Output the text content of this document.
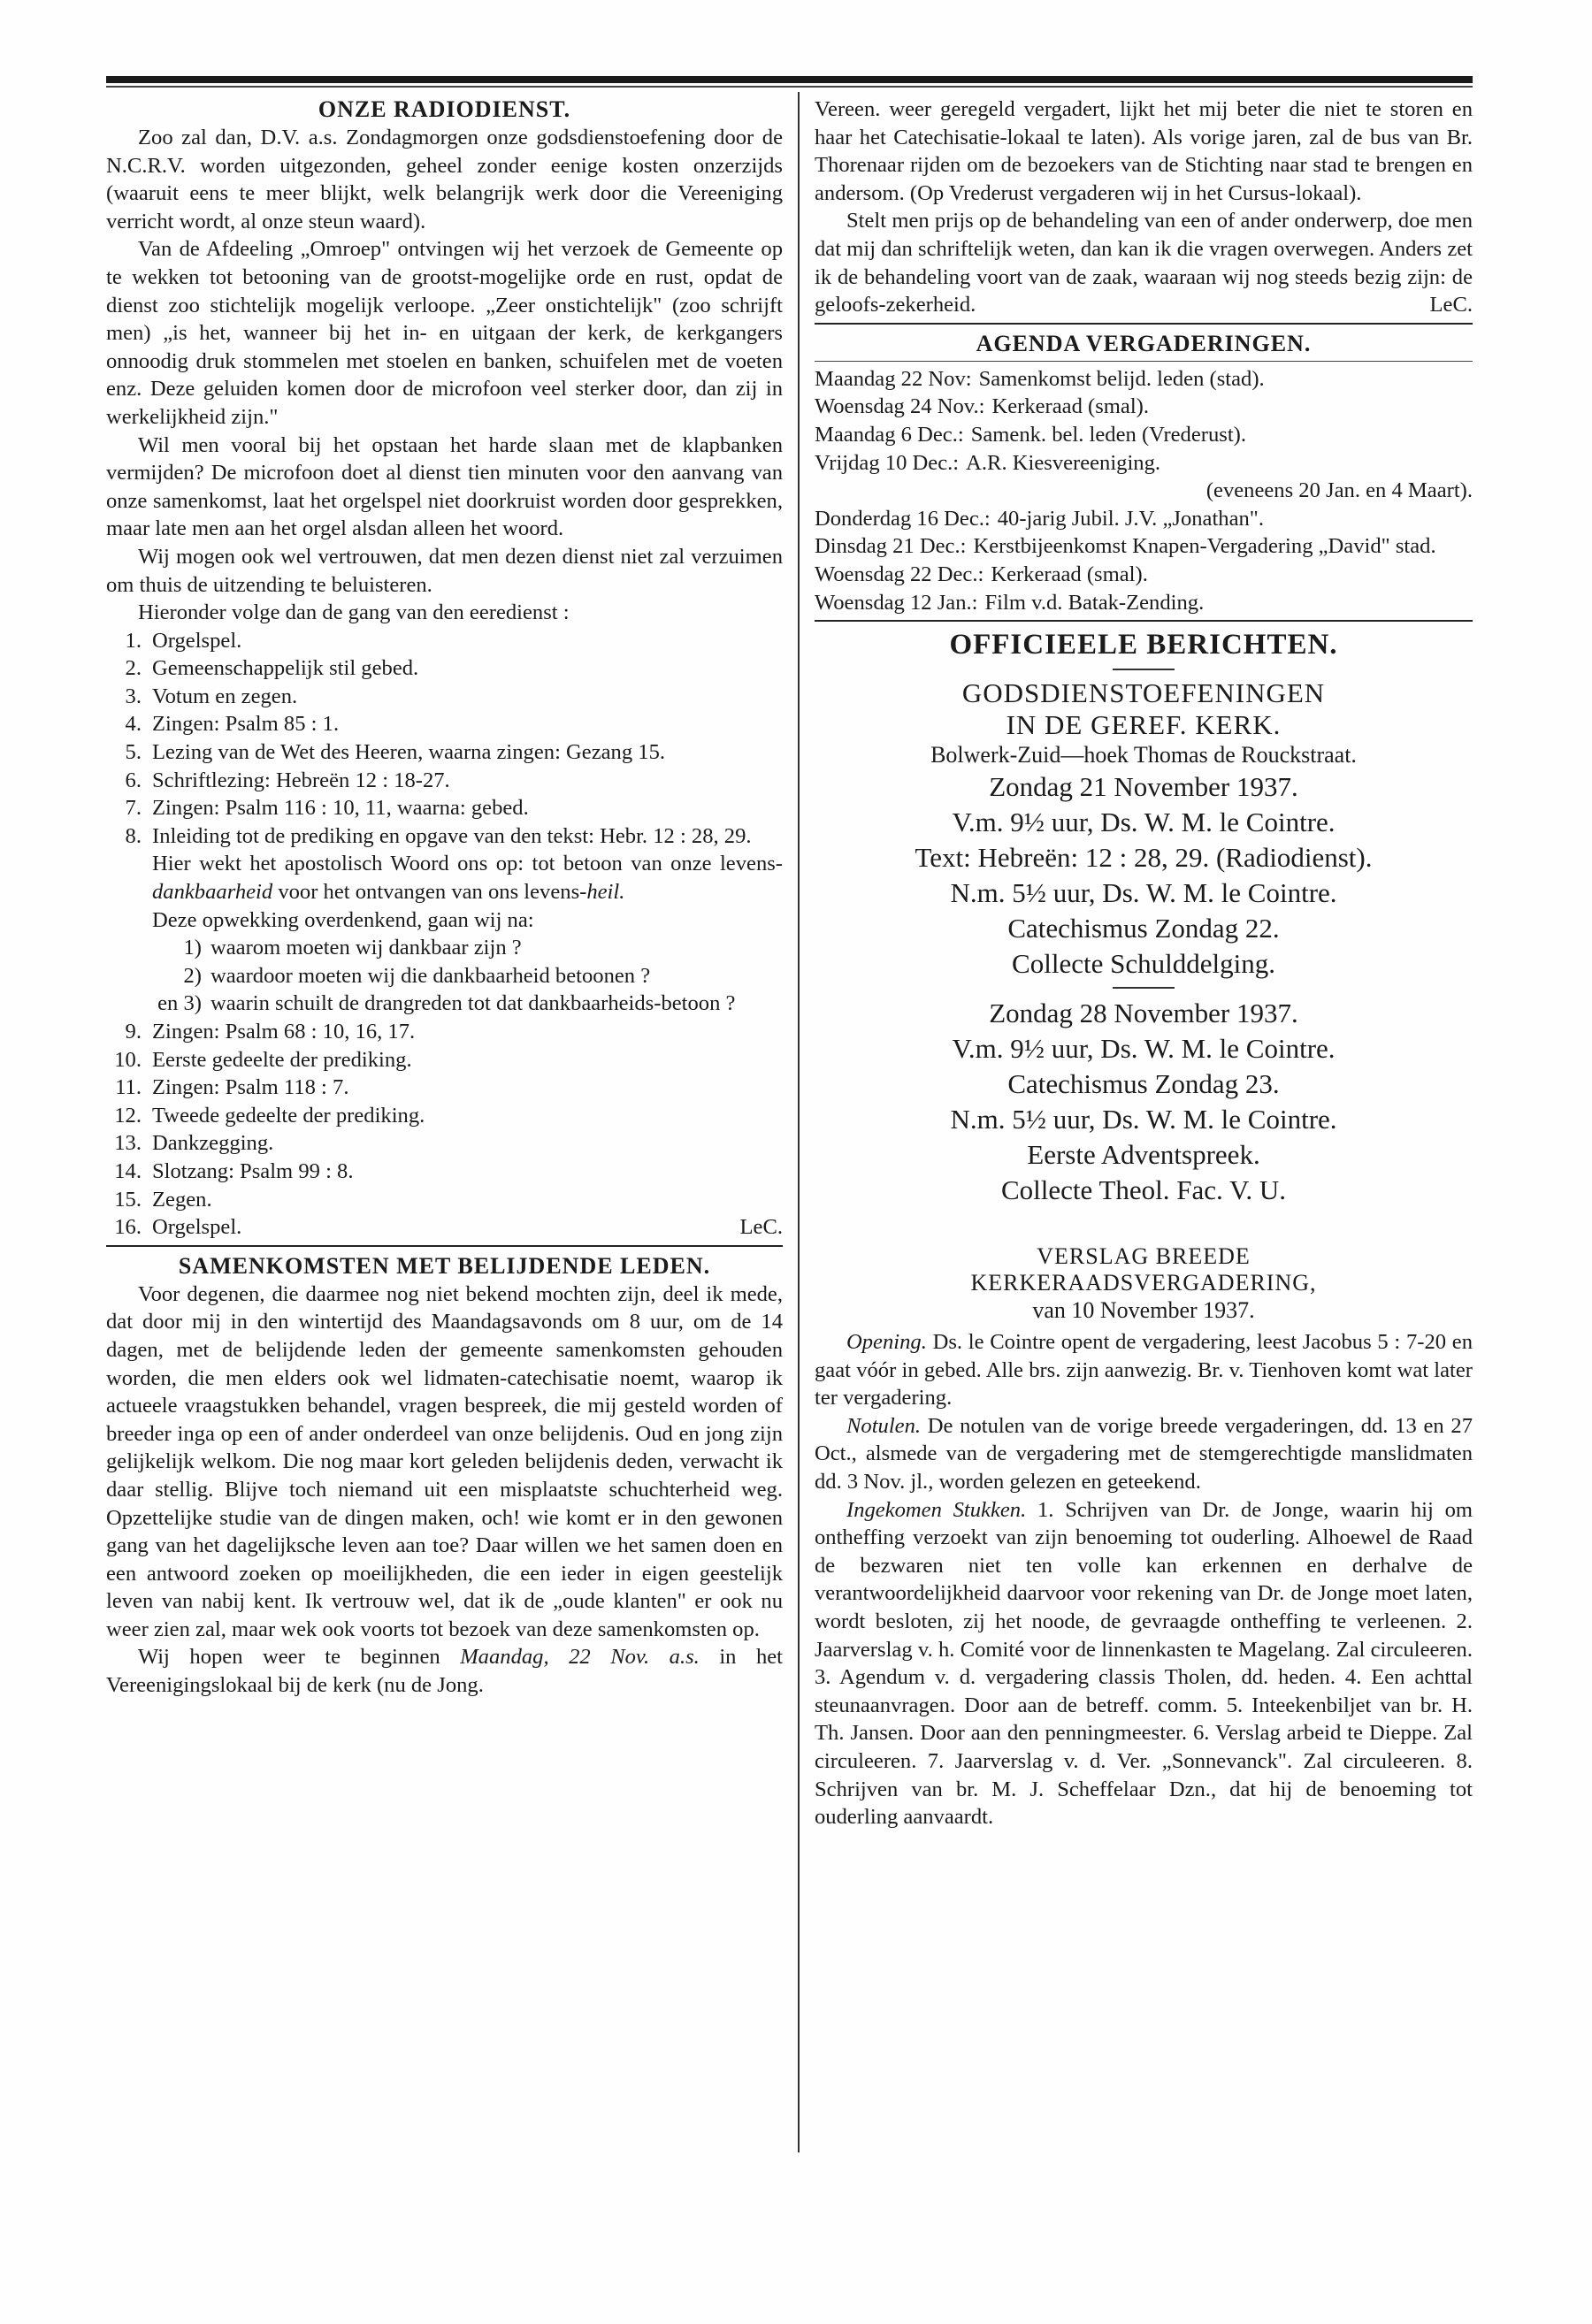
ONZE RADIODIENST.

Zoo zal dan, D.V. a.s. Zondagmorgen onze godsdienstoefening door de N.C.R.V. worden uitgezonden, geheel zonder eenige kosten onzerzijds (waaruit eens te meer blijkt, welk belangrijk werk door die Vereeniging verricht wordt, al onze steun waard).

Van de Afdeeling „Omroep" ontvingen wij het verzoek de Gemeente op te wekken tot betooning van de grootst-mogelijke orde en rust, opdat de dienst zoo stichtelijk mogelijk verloope. „Zeer onstichtelijk" (zoo schrijft men) „is het, wanneer bij het in- en uitgaan der kerk, de kerkgangers onnoodig druk stommelen met stoelen en banken, schuifelen met de voeten enz. Deze geluiden komen door de microfoon veel sterker door, dan zij in werkelijkheid zijn."

Wil men vooral bij het opstaan het harde slaan met de klapbanken vermijden? De microfoon doet al dienst tien minuten voor den aanvang van onze samenkomst, laat het orgelspel niet doorkruist worden door gesprekken, maar late men aan het orgel alsdan alleen het woord.

Wij mogen ook wel vertrouwen, dat men dezen dienst niet zal verzuimen om thuis de uitzending te beluisteren.

Hieronder volge dan de gang van den eeredienst :

1. Orgelspel.
2. Gemeenschappelijk stil gebed.
3. Votum en zegen.
4. Zingen: Psalm 85 : 1.
5. Lezing van de Wet des Heeren, waarna zingen: Gezang 15.
6. Schriftlezing: Hebreën 12 : 18-27.
7. Zingen: Psalm 116 : 10, 11, waarna: gebed.
8. Inleiding tot de prediking en opgave van den tekst: Hebr. 12 : 28, 29.
Hier wekt het apostolisch Woord ons op: tot betoon van onze levens-dankbaarheid voor het ontvangen van ons levens-heil.
Deze opwekking overdenkend, gaan wij na:
1) waarom moeten wij dankbaar zijn ?
2) waardoor moeten wij die dankbaarheid betoonen ?
en 3) waarin schuilt de drangreden tot dat dankbaarheids-betoon ?
9. Zingen: Psalm 68 : 10, 16, 17.
10. Eerste gedeelte der prediking.
11. Zingen: Psalm 118 : 7.
12. Tweede gedeelte der prediking.
13. Dankzegging.
14. Slotzang: Psalm 99 : 8.
15. Zegen.
16. Orgelspel.	LeC.
SAMENKOMSTEN MET BELIJDENDE LEDEN.

Voor degenen, die daarmee nog niet bekend mochten zijn, deel ik mede, dat door mij in den wintertijd des Maandagsavonds om 8 uur, om de 14 dagen, met de belijdende leden der gemeente samenkomsten gehouden worden, die men elders ook wel lidmaten-catechisatie noemt, waarop ik actueele vraagstukken behandel, vragen bespreek, die mij gesteld worden of breeder inga op een of ander onderdeel van onze belijdenis. Oud en jong zijn gelijkelijk welkom. Die nog maar kort geleden belijdenis deden, verwacht ik daar stellig. Blijve toch niemand uit een misplaatste schuchterheid weg. Opzettelijke studie van de dingen maken, och! wie komt er in den gewonen gang van het dagelijksche leven aan toe? Daar willen we het samen doen en een antwoord zoeken op moeilijkheden, die een ieder in eigen geestelijk leven van nabij kent. Ik vertrouw wel, dat ik de „oude klanten" er ook nu weer zien zal, maar wek ook voorts tot bezoek van deze samenkomsten op.

Wij hopen weer te beginnen Maandag, 22 Nov. a.s. in het Vereenigingslokaal bij de kerk (nu de Jong.

Vereen. weer geregeld vergadert, lijkt het mij beter die niet te storen en haar het Catechisatie-lokaal te laten). Als vorige jaren, zal de bus van Br. Thorenaar rijden om de bezoekers van de Stichting naar stad te brengen en andersom. (Op Vrederust vergaderen wij in het Cursus-lokaal).

Stelt men prijs op de behandeling van een of ander onderwerp, doe men dat mij dan schriftelijk weten, dan kan ik die vragen overwegen. Anders zet ik de behandeling voort van de zaak, waaraan wij nog steeds bezig zijn: de geloofs-zekerheid.	LeC.

AGENDA VERGADERINGEN.
Maandag 22 Nov: Samenkomst belijd. leden (stad).
Woensdag 24 Nov.: Kerkeraad (smal).
Maandag 6 Dec.: Samenk. bel. leden (Vrederust).
Vrijdag 10 Dec.: A.R. Kiesvereeniging.
(eveneens 20 Jan. en 4 Maart).
Donderdag 16 Dec.: 40-jarig Jubil. J.V. „Jonathan".
Dinsdag 21 Dec.: Kerstbijeenkomst Knapen-Vergadering „David" stad.
Woensdag 22 Dec.: Kerkeraad (smal).
Woensdag 12 Jan.: Film v.d. Batak-Zending.
OFFICIEELE BERICHTEN.
GODSDIENSTOEFENINGEN
IN DE GEREF. KERK.
Bolwerk-Zuid—hoek Thomas de Rouckstraat.
Zondag 21 November 1937.
V.m. 9½ uur, Ds. W. M. le Cointre.
Text: Hebreën: 12 : 28, 29. (Radiodienst).
N.m. 5½ uur, Ds. W. M. le Cointre.
Catechismus Zondag 22.
Collecte Schulddelging.
Zondag 28 November 1937.
V.m. 9½ uur, Ds. W. M. le Cointre.
Catechismus Zondag 23.
N.m. 5½ uur, Ds. W. M. le Cointre.
Eerste Adventspreek.
Collecte Theol. Fac. V. U.
VERSLAG BREEDE
KERKERAADSVERGADERING,
van 10 November 1937.

Opening. Ds. le Cointre opent de vergadering, leest Jacobus 5 : 7-20 en gaat vóór in gebed. Alle brs. zijn aanwezig. Br. v. Tienhoven komt wat later ter vergadering.

Notulen. De notulen van de vorige breede vergaderingen, dd. 13 en 27 Oct., alsmede van de vergadering met de stemgerechtigde manslidmaten dd. 3 Nov. jl., worden gelezen en geteekend.

Ingekomen Stukken. 1. Schrijven van Dr. de Jonge, waarin hij om ontheffing verzoekt van zijn benoeming tot ouderling. Alhoewel de Raad de bezwaren niet ten volle kan erkennen en derhalve de verantwoordelijkheid daarvoor voor rekening van Dr. de Jonge moet laten, wordt besloten, zij het noode, de gevraagde ontheffing te verleenen. 2. Jaarverslag v. h. Comité voor de linnenkasten te Magelang. Zal circuleeren. 3. Agendum v. d. vergadering classis Tholen, dd. heden. 4. Een achttal steunaanvragen. Door aan de betreff. comm. 5. Inteekenbiljet van br. H. Th. Jansen. Door aan den penningmeester. 6. Verslag arbeid te Dieppe. Zal circuleeren. 7. Jaarverslag v. d. Ver. „Sonnevanck". Zal circuleeren. 8. Schrijven van br. M. J. Scheffelaar Dzn., dat hij de benoeming tot ouderling aanvaardt.
